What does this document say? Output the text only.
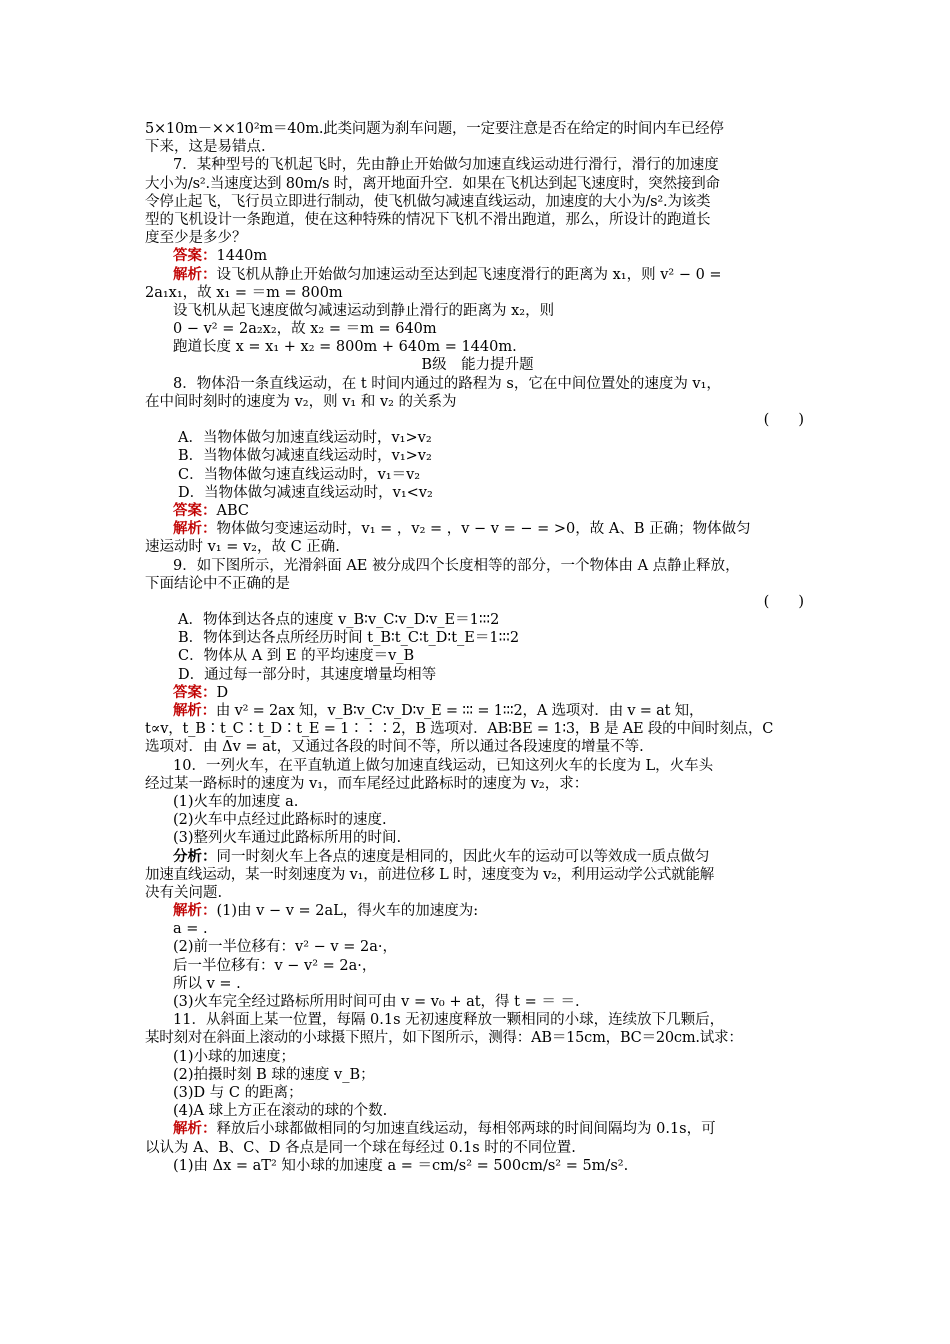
5×10m－××10²m＝40m.此类问题为刹车问题，一定要注意是否在给定的时间内车已经停
下来，这是易错点.
7．某种型号的飞机起飞时，先由静止开始做匀加速直线运动进行滑行，滑行的加速度
大小为/s².当速度达到 80m/s 时，离开地面升空．如果在飞机达到起飞速度时，突然接到命
令停止起飞，飞行员立即进行制动，使飞机做匀减速直线运动，加速度的大小为/s².为该类
型的飞机设计一条跑道，使在这种特殊的情况下飞机不滑出跑道，那么，所设计的跑道长
度至少是多少？
答案：1440m
解析：设飞机从静止开始做匀加速运动至达到起飞速度滑行的距离为 x₁，则 v² − 0 =
2a₁x₁，故 x₁ = ＝m = 800m
设飞机从起飞速度做匀减速运动到静止滑行的距离为 x₂，则
0 − v² = 2a₂x₂，故 x₂ = ＝m = 640m
跑道长度 x = x₁ + x₂ = 800m + 640m = 1440m.
B级　能力提升题
8．物体沿一条直线运动，在 t 时间内通过的路程为 s，它在中间位置处的速度为 v₁，
在中间时刻时的速度为 v₂，则 v₁ 和 v₂ 的关系为
(　　)
A．当物体做匀加速直线运动时，v₁>v₂
B．当物体做匀减速直线运动时，v₁>v₂
C．当物体做匀速直线运动时，v₁＝v₂
D．当物体做匀减速直线运动时，v₁<v₂
答案：ABC
解析：物体做匀变速运动时，v₁ = ，v₂ = ，v − v = − = >0，故 A、B 正确；物体做匀
速运动时 v₁ = v₂，故 C 正确.
9．如下图所示，光滑斜面 AE 被分成四个长度相等的部分，一个物体由 A 点静止释放，
下面结论中不正确的是
(　　)
A．物体到达各点的速度 v_B∶v_C∶v_D∶v_E＝1∶∶∶2
B．物体到达各点所经历时间 t_B∶t_C∶t_D∶t_E＝1∶∶∶2
C．物体从 A 到 E 的平均速度＝v_B
D．通过每一部分时，其速度增量均相等
答案：D
解析：由 v² = 2ax 知，v_B∶v_C∶v_D∶v_E = ∶∶∶ = 1∶∶∶2，A 选项对．由 v = at 知，
t∝v，t_B∶t_C∶t_D∶t_E = 1∶∶∶2，B 选项对．AB∶BE = 1∶3，B 是 AE 段的中间时刻点，C
选项对．由 Δv = at，又通过各段的时间不等，所以通过各段速度的增量不等.
10．一列火车，在平直轨道上做匀加速直线运动，已知这列火车的长度为 L，火车头
经过某一路标时的速度为 v₁，而车尾经过此路标时的速度为 v₂，求：
(1)火车的加速度 a.
(2)火车中点经过此路标时的速度.
(3)整列火车通过此路标所用的时间.
分析：同一时刻火车上各点的速度是相同的，因此火车的运动可以等效成一质点做匀
加速直线运动，某一时刻速度为 v₁，前进位移 L 时，速度变为 v₂，利用运动学公式就能解
决有关问题.
解析：(1)由 v − v = 2aL，得火车的加速度为:
a = .
(2)前一半位移有：v² − v = 2a·，
后一半位移有：v − v² = 2a·，
所以 v = .
(3)火车完全经过路标所用时间可由 v = v₀ + at，得 t = ＝ ＝.
11．从斜面上某一位置，每隔 0.1s 无初速度释放一颗相同的小球，连续放下几颗后，
某时刻对在斜面上滚动的小球摄下照片，如下图所示，测得：AB＝15cm，BC＝20cm.试求：
(1)小球的加速度；
(2)拍摄时刻 B 球的速度 v_B；
(3)D 与 C 的距离；
(4)A 球上方正在滚动的球的个数.
解析：释放后小球都做相同的匀加速直线运动，每相邻两球的时间间隔均为 0.1s，可
以认为 A、B、C、D 各点是同一个球在每经过 0.1s 时的不同位置.
(1)由 Δx = aT² 知小球的加速度 a = ＝cm/s² = 500cm/s² = 5m/s².
